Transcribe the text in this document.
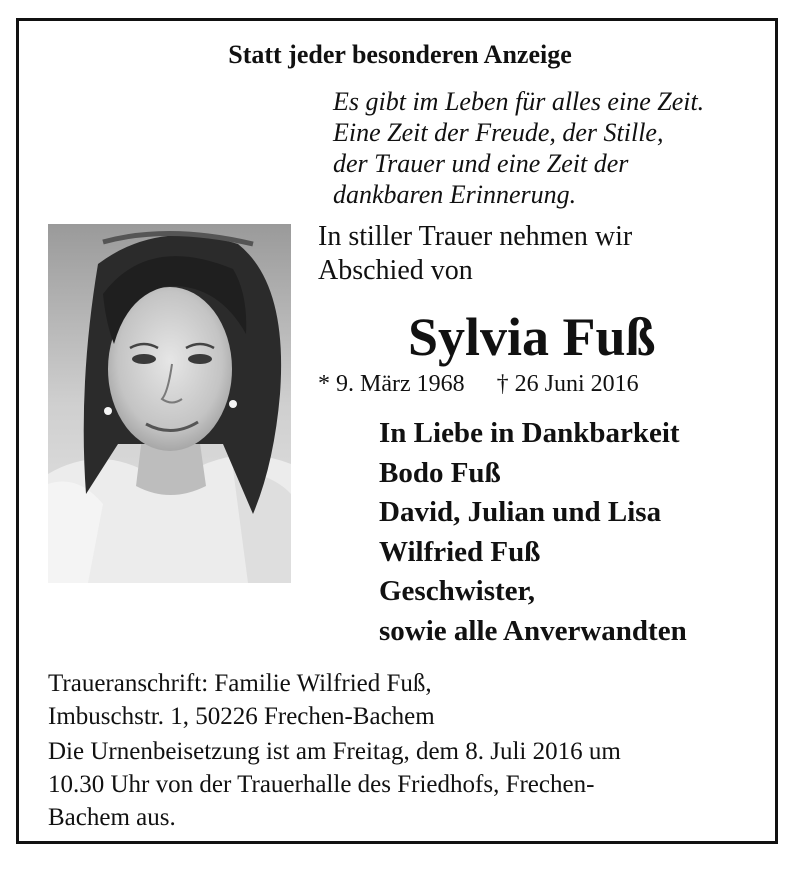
Statt jeder besonderen Anzeige
Es gibt im Leben für alles eine Zeit.
Eine Zeit der Freude, der Stille,
der Trauer und eine Zeit der
dankbaren Erinnerung.
In stiller Trauer nehmen wir
Abschied von
Sylvia Fuß
* 9. März 1968 † 26 Juni 2016
In Liebe in Dankbarkeit
Bodo Fuß
David, Julian und Lisa
Wilfried Fuß
Geschwister,
sowie alle Anverwandten
Traueranschrift: Familie Wilfried Fuß,
Imbuschstr. 1, 50226 Frechen-Bachem
Die Urnenbeisetzung ist am Freitag, dem 8. Juli 2016 um
10.30 Uhr von der Trauerhalle des Friedhofs, Frechen-
Bachem aus.
